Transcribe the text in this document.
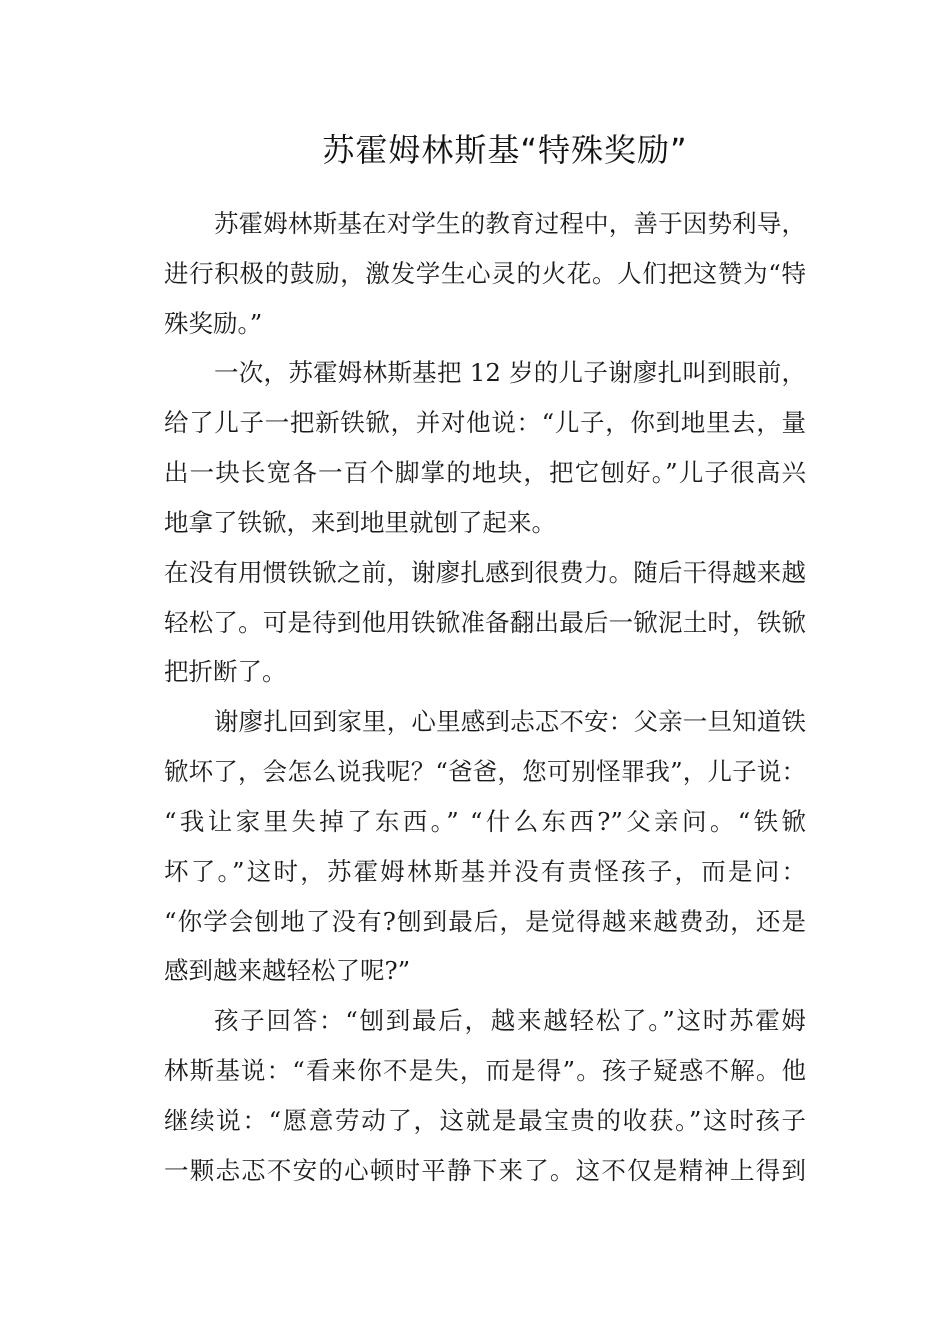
苏霍姆林斯基“特殊奖励”
苏霍姆林斯基在对学生的教育过程中，善于因势利导，
进行积极的鼓励，激发学生心灵的火花。人们把这赞为“特
殊奖励。”
一次，苏霍姆林斯基把 12 岁的儿子谢廖扎叫到眼前，
给了儿子一把新铁锨，并对他说：“儿子，你到地里去，量
出一块长宽各一百个脚掌的地块，把它刨好。”儿子很高兴
地拿了铁锨，来到地里就刨了起来。
在没有用惯铁锨之前，谢廖扎感到很费力。随后干得越来越
轻松了。可是待到他用铁锨准备翻出最后一锨泥土时，铁锨
把折断了。
谢廖扎回到家里，心里感到忐忑不安：父亲一旦知道铁
锨坏了，会怎么说我呢？“爸爸，您可别怪罪我”，儿子说：
“我让家里失掉了东西。” “什么东西?”父亲问。“铁锨
坏了。”这时，苏霍姆林斯基并没有责怪孩子，而是问：
“你学会刨地了没有?刨到最后，是觉得越来越费劲，还是
感到越来越轻松了呢?”
孩子回答：“刨到最后，越来越轻松了。”这时苏霍姆
林斯基说：“看来你不是失，而是得”。孩子疑惑不解。他
继续说：“愿意劳动了，这就是最宝贵的收获。”这时孩子
一颗忐忑不安的心顿时平静下来了。这不仅是精神上得到
